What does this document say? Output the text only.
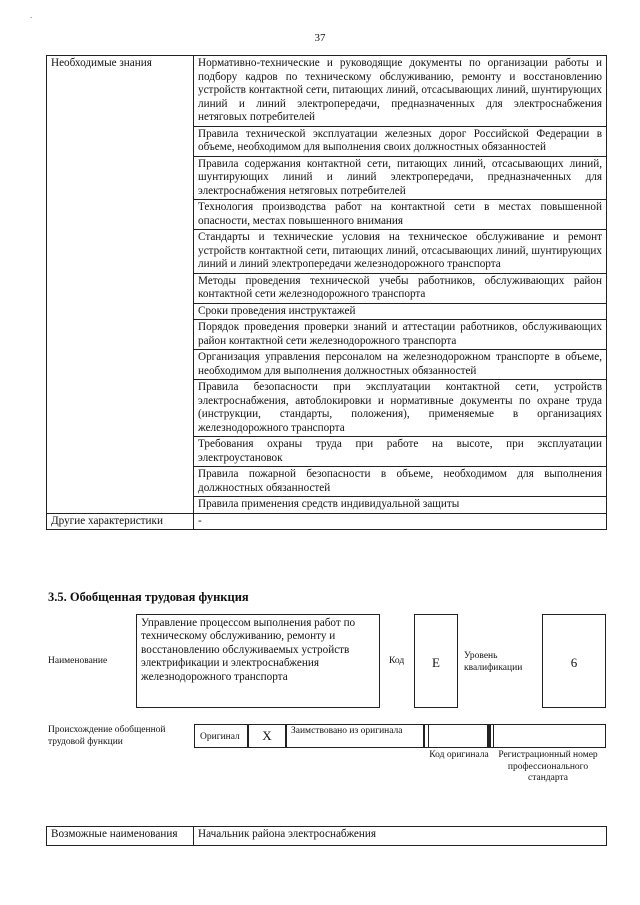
.
37
Необходимые знания	Нормативно-технические и руководящие документы по организации работы и подбору кадров по техническому обслуживанию, ремонту и восстановлению устройств контактной сети, питающих линий, отсасывающих линий, шунтирующих линий и линий электропередачи, предназначенных для электроснабжения нетяговых потребителей
	Правила технической эксплуатации железных дорог Российской Федерации в объеме, необходимом для выполнения своих должностных обязанностей
	Правила содержания контактной сети, питающих линий, отсасывающих линий, шунтирующих линий и линий электропередачи, предназначенных для электроснабжения нетяговых потребителей
	Технология производства работ на контактной сети в местах повышенной опасности, местах повышенного внимания
	Стандарты и технические условия на техническое обслуживание и ремонт устройств контактной сети, питающих линий, отсасывающих линий, шунтирующих линий и линий электропередачи железнодорожного транспорта
	Методы проведения технической учебы работников, обслуживающих район контактной сети железнодорожного транспорта
	Сроки проведения инструктажей
	Порядок проведения проверки знаний и аттестации работников, обслуживающих район контактной сети железнодорожного транспорта
	Организация управления персоналом на железнодорожном транспорте в объеме, необходимом для выполнения должностных обязанностей
	Правила безопасности при эксплуатации контактной сети, устройств электроснабжения, автоблокировки и нормативные документы по охране труда (инструкции, стандарты, положения), применяемые в организациях железнодорожного транспорта
	Требования охраны труда при работе на высоте, при эксплуатации электроустановок
	Правила пожарной безопасности в объеме, необходимом для выполнения должностных обязанностей
	Правила применения средств индивидуальной защиты
Другие характеристики	-
3.5. Обобщенная трудовая функция
Наименование
Управление процессом выполнения работ по техническому обслуживанию, ремонту и восстановлению обслуживаемых устройств электрификации и электроснабжения железнодорожного транспорта
Код	E	Уровень квалификации	6
Происхождение обобщенной трудовой функции	Оригинал	X	Заимствовано из оригинала
Код оригинала	Регистрационный номер профессионального стандарта
Возможные наименования	Начальник района электроснабжения
